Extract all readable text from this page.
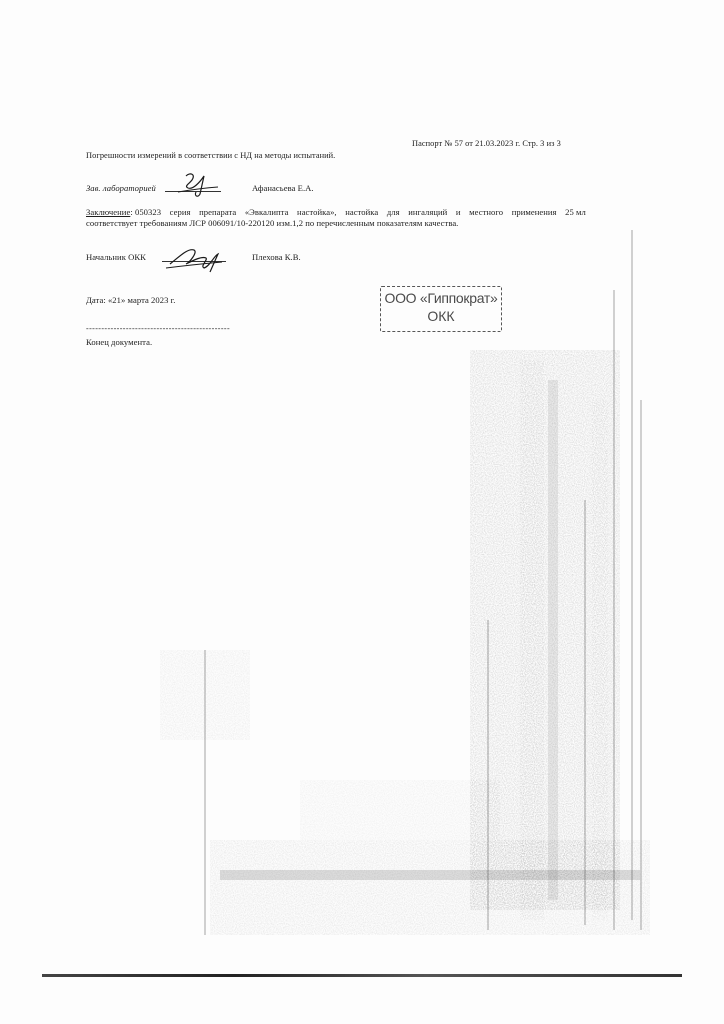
Паспорт № 57 от 21.03.2023 г. Стр. 3 из 3
Погрешности измерений в соответствии с НД на методы испытаний.
Зав. лабораторией	Афанасьева Е.А.
Заключение: 050323 серия препарата «Эвкалипта настойка», настойка для ингаляций и местного применения 25 мл
соответствует требованиям ЛСР 006091/10-220120 изм.1,2 по перечисленным показателям качества.
Начальник ОКК	Плехова К.В.
Дата: «21» марта 2023 г.	ООО «Гиппократ»
ОКК
-----------------------------------------------
Конец документа.
